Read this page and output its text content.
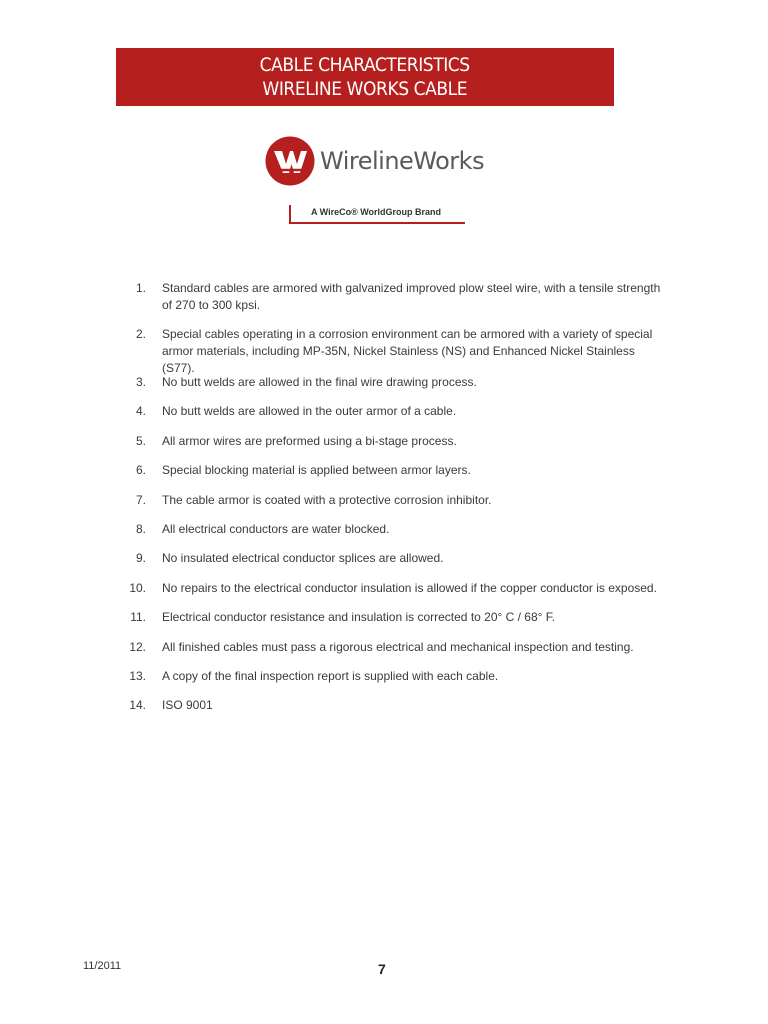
CABLE CHARACTERISTICS
WIRELINE WORKS CABLE
WirelineWorks
A WireCo® WorldGroup Brand
1. Standard cables are armored with galvanized improved plow steel wire, with a tensile strength of 270 to 300 kpsi.
2. Special cables operating in a corrosion environment can be armored with a variety of special armor materials, including MP-35N, Nickel Stainless (NS) and Enhanced Nickel Stainless (S77).
3. No butt welds are allowed in the final wire drawing process.
4. No butt welds are allowed in the outer armor of a cable.
5. All armor wires are preformed using a bi-stage process.
6. Special blocking material is applied between armor layers.
7. The cable armor is coated with a protective corrosion inhibitor.
8. All electrical conductors are water blocked.
9. No insulated electrical conductor splices are allowed.
10. No repairs to the electrical conductor insulation is allowed if the copper conductor is exposed.
11. Electrical conductor resistance and insulation is corrected to 20° C / 68° F.
12. All finished cables must pass a rigorous electrical and mechanical inspection and testing.
13. A copy of the final inspection report is supplied with each cable.
14. ISO 9001
11/2011	7
